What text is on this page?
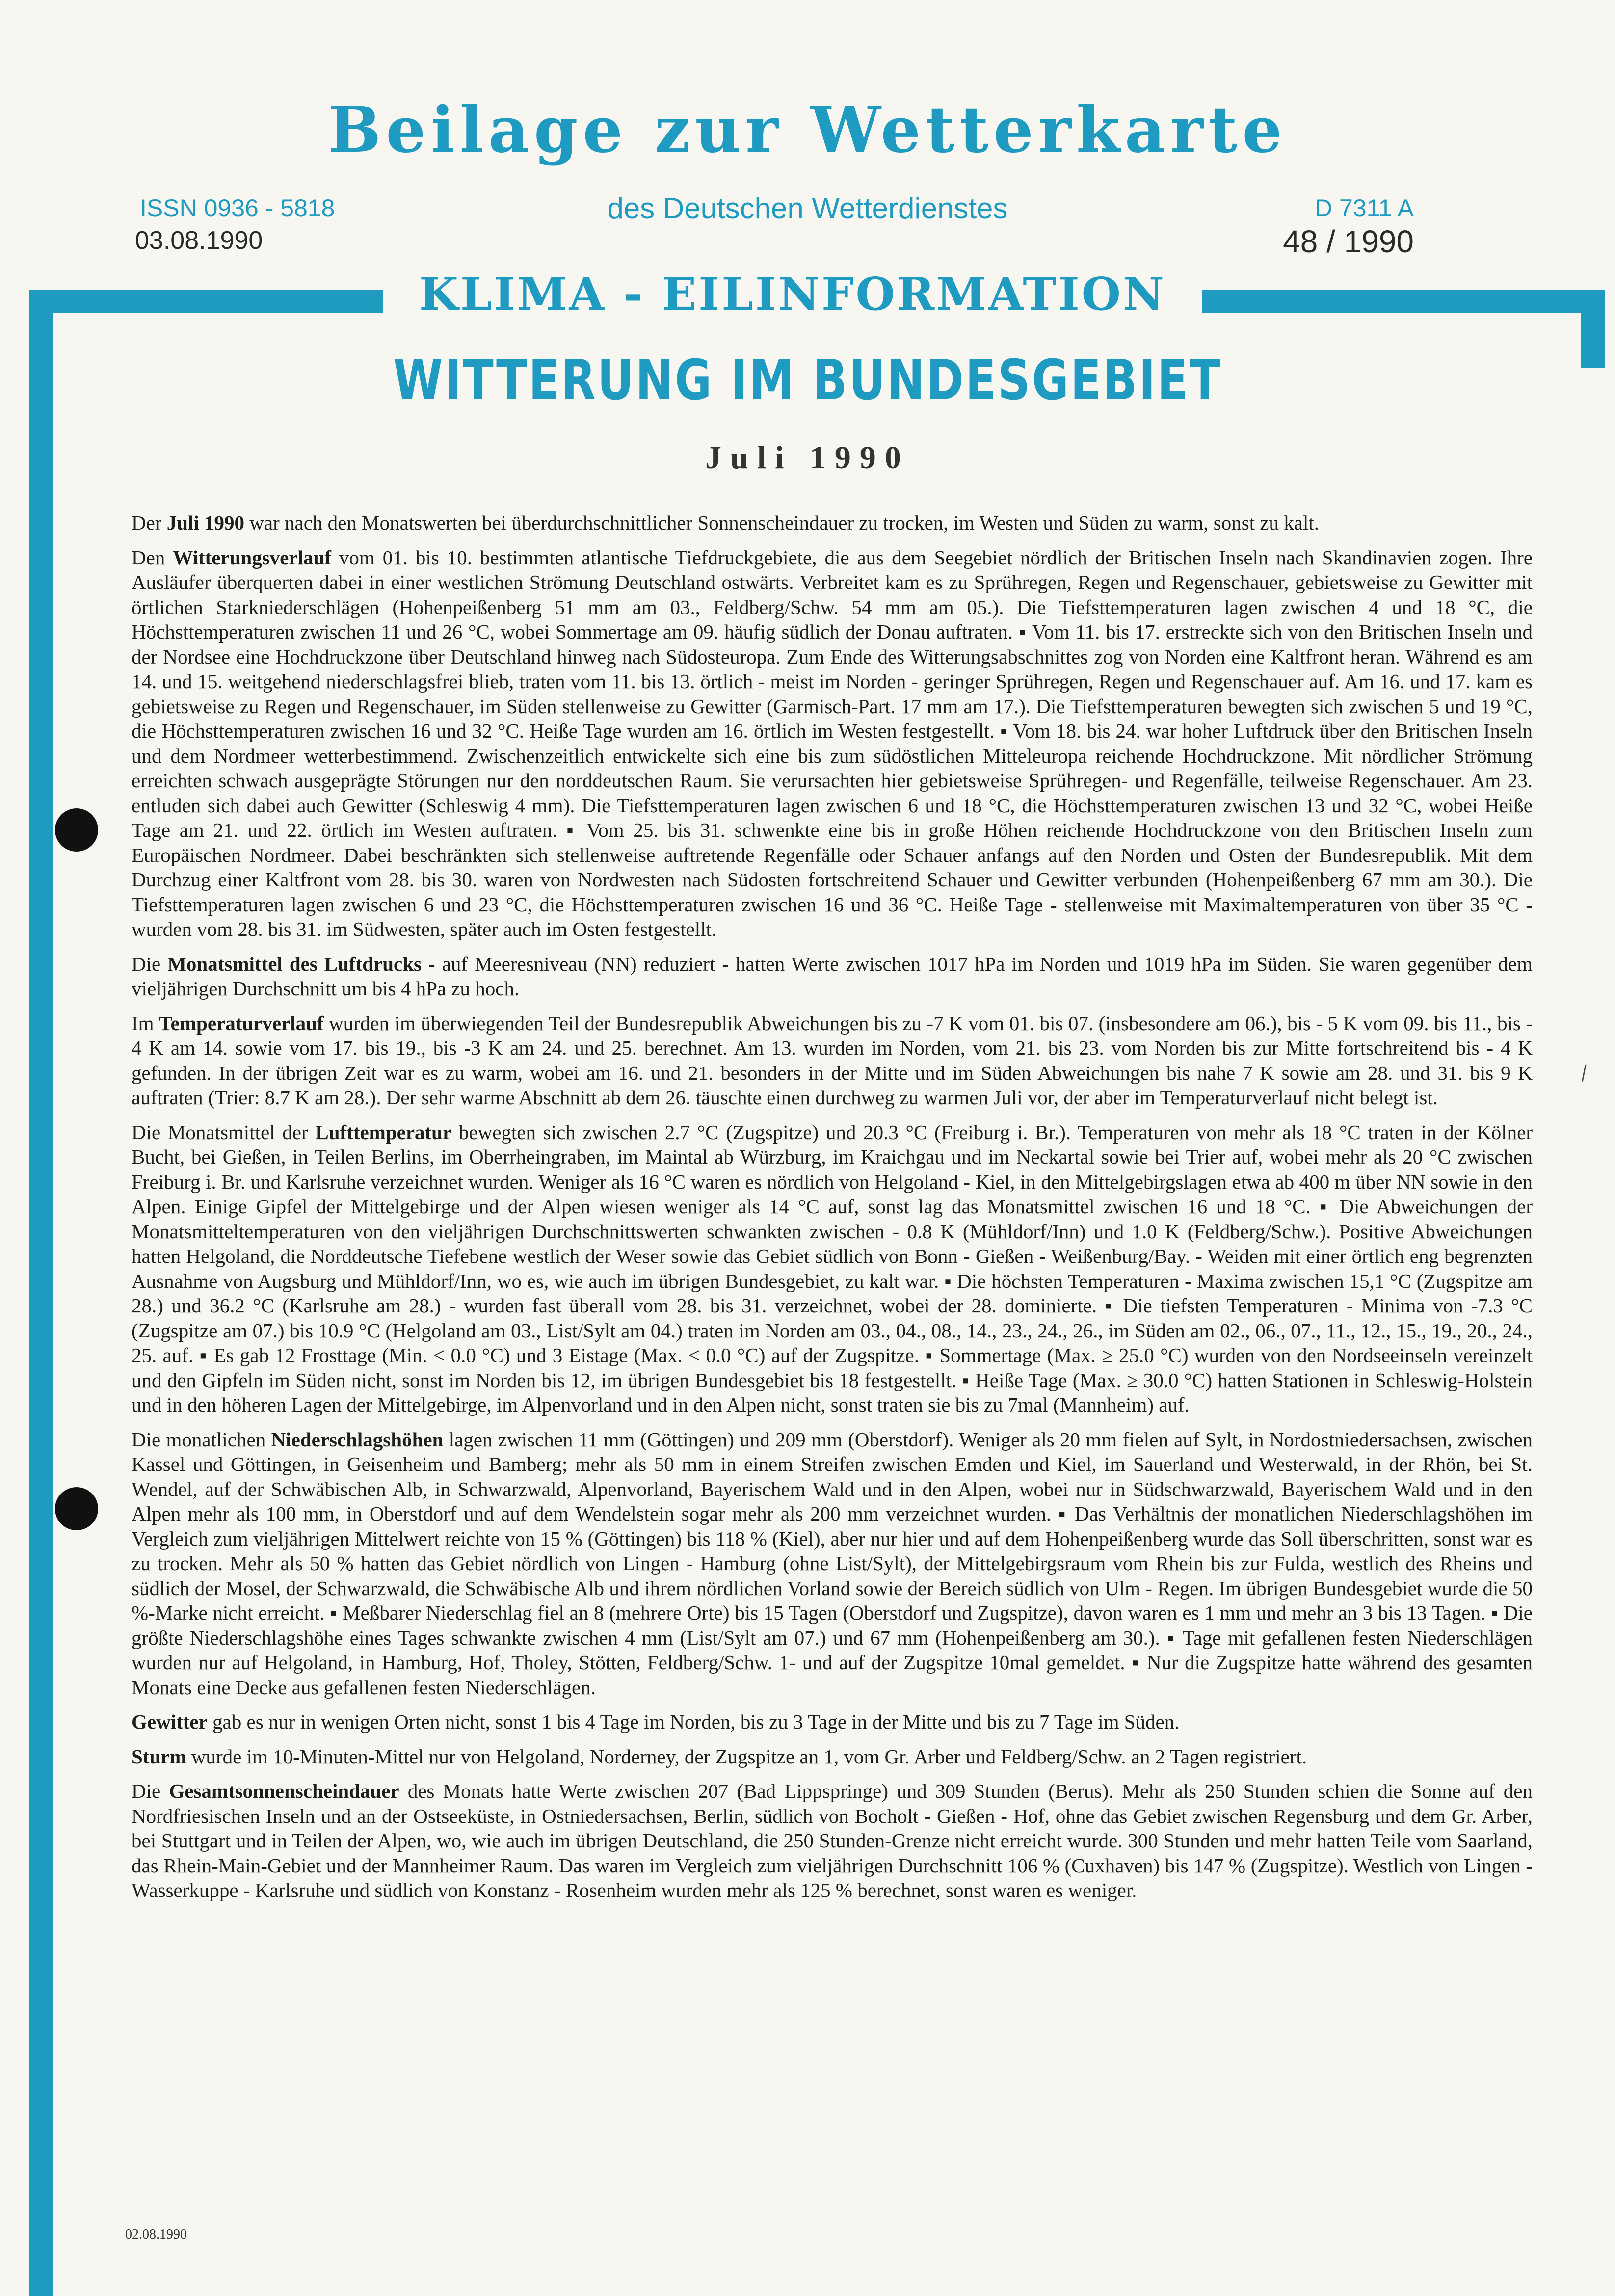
Beilage zur Wetterkarte
ISSN 0936 - 5818
03.08.1990
des Deutschen Wetterdienstes	D 7311 A
48 / 1990
KLIMA - EILINFORMATION
WITTERUNG IM BUNDESGEBIET
Juli 1990

Der Juli 1990 war nach den Monatswerten bei überdurchschnittlicher Sonnenscheindauer zu trocken, im Westen und Süden zu warm, sonst zu kalt.

Den Witterungsverlauf vom 01. bis 10. bestimmten atlantische Tiefdruckgebiete, die aus dem Seegebiet nördlich der Britischen Inseln nach Skandinavien zogen. Ihre Ausläufer überquerten dabei in einer westlichen Strömung Deutschland ostwärts. Verbreitet kam es zu Sprühregen, Regen und Regenschauer, gebietsweise zu Gewitter mit örtlichen Starkniederschlägen (Hohenpeißenberg 51 mm am 03., Feldberg/Schw. 54 mm am 05.). Die Tiefsttemperaturen lagen zwischen 4 und 18 °C, die Höchsttemperaturen zwischen 11 und 26 °C, wobei Sommertage am 09. häufig südlich der Donau auftraten. ▪ Vom 11. bis 17. erstreckte sich von den Britischen Inseln und der Nordsee eine Hochdruckzone über Deutschland hinweg nach Südosteuropa. Zum Ende des Witterungsabschnittes zog von Norden eine Kaltfront heran. Während es am 14. und 15. weitgehend niederschlagsfrei blieb, traten vom 11. bis 13. örtlich - meist im Norden - geringer Sprühregen, Regen und Regenschauer auf. Am 16. und 17. kam es gebietsweise zu Regen und Regenschauer, im Süden stellenweise zu Gewitter (Garmisch-Part. 17 mm am 17.). Die Tiefsttemperaturen bewegten sich zwischen 5 und 19 °C, die Höchsttemperaturen zwischen 16 und 32 °C. Heiße Tage wurden am 16. örtlich im Westen festgestellt. ▪ Vom 18. bis 24. war hoher Luftdruck über den Britischen Inseln und dem Nordmeer wetterbestimmend. Zwischenzeitlich entwickelte sich eine bis zum südöstlichen Mitteleuropa reichende Hochdruckzone. Mit nördlicher Strömung erreichten schwach ausgeprägte Störungen nur den norddeutschen Raum. Sie verursachten hier gebietsweise Sprühregen- und Regenfälle, teilweise Regenschauer. Am 23. entluden sich dabei auch Gewitter (Schleswig 4 mm). Die Tiefsttemperaturen lagen zwischen 6 und 18 °C, die Höchsttemperaturen zwischen 13 und 32 °C, wobei Heiße Tage am 21. und 22. örtlich im Westen auftraten. ▪ Vom 25. bis 31. schwenkte eine bis in große Höhen reichende Hochdruckzone von den Britischen Inseln zum Europäischen Nordmeer. Dabei beschränkten sich stellenweise auftretende Regenfälle oder Schauer anfangs auf den Norden und Osten der Bundesrepublik. Mit dem Durchzug einer Kaltfront vom 28. bis 30. waren von Nordwesten nach Südosten fortschreitend Schauer und Gewitter verbunden (Hohenpeißenberg 67 mm am 30.). Die Tiefsttemperaturen lagen zwischen 6 und 23 °C, die Höchsttemperaturen zwischen 16 und 36 °C. Heiße Tage - stellenweise mit Maximaltemperaturen von über 35 °C - wurden vom 28. bis 31. im Südwesten, später auch im Osten festgestellt.

Die Monatsmittel des Luftdrucks - auf Meeresniveau (NN) reduziert - hatten Werte zwischen 1017 hPa im Norden und 1019 hPa im Süden. Sie waren gegenüber dem vieljährigen Durchschnitt um bis 4 hPa zu hoch.

Im Temperaturverlauf wurden im überwiegenden Teil der Bundesrepublik Abweichungen bis zu -7 K vom 01. bis 07. (insbesondere am 06.), bis - 5 K vom 09. bis 11., bis - 4 K am 14. sowie vom 17. bis 19., bis -3 K am 24. und 25. berechnet. Am 13. wurden im Norden, vom 21. bis 23. vom Norden bis zur Mitte fortschreitend bis - 4 K gefunden. In der übrigen Zeit war es zu warm, wobei am 16. und 21. besonders in der Mitte und im Süden Abweichungen bis nahe 7 K sowie am 28. und 31. bis 9 K auftraten (Trier: 8.7 K am 28.). Der sehr warme Abschnitt ab dem 26. täuschte einen durchweg zu warmen Juli vor, der aber im Temperaturverlauf nicht belegt ist.

Die Monatsmittel der Lufttemperatur bewegten sich zwischen 2.7 °C (Zugspitze) und 20.3 °C (Freiburg i. Br.). Temperaturen von mehr als 18 °C traten in der Kölner Bucht, bei Gießen, in Teilen Berlins, im Oberrheingraben, im Maintal ab Würzburg, im Kraichgau und im Neckartal sowie bei Trier auf, wobei mehr als 20 °C zwischen Freiburg i. Br. und Karlsruhe verzeichnet wurden. Weniger als 16 °C waren es nördlich von Helgoland - Kiel, in den Mittelgebirgslagen etwa ab 400 m über NN sowie in den Alpen. Einige Gipfel der Mittelgebirge und der Alpen wiesen weniger als 14 °C auf, sonst lag das Monatsmittel zwischen 16 und 18 °C. ▪ Die Abweichungen der Monatsmitteltemperaturen von den vieljährigen Durchschnittswerten schwankten zwischen - 0.8 K (Mühldorf/Inn) und 1.0 K (Feldberg/Schw.). Positive Abweichungen hatten Helgoland, die Norddeutsche Tiefebene westlich der Weser sowie das Gebiet südlich von Bonn - Gießen - Weißenburg/Bay. - Weiden mit einer örtlich eng begrenzten Ausnahme von Augsburg und Mühldorf/Inn, wo es, wie auch im übrigen Bundesgebiet, zu kalt war. ▪ Die höchsten Temperaturen - Maxima zwischen 15,1 °C (Zugspitze am 28.) und 36.2 °C (Karlsruhe am 28.) - wurden fast überall vom 28. bis 31. verzeichnet, wobei der 28. dominierte. ▪ Die tiefsten Temperaturen - Minima von -7.3 °C (Zugspitze am 07.) bis 10.9 °C (Helgoland am 03., List/Sylt am 04.) traten im Norden am 03., 04., 08., 14., 23., 24., 26., im Süden am 02., 06., 07., 11., 12., 15., 19., 20., 24., 25. auf. ▪ Es gab 12 Frosttage (Min. < 0.0 °C) und 3 Eistage (Max. < 0.0 °C) auf der Zugspitze. ▪ Sommertage (Max. ≥ 25.0 °C) wurden von den Nordseeinseln vereinzelt und den Gipfeln im Süden nicht, sonst im Norden bis 12, im übrigen Bundesgebiet bis 18 festgestellt. ▪ Heiße Tage (Max. ≥ 30.0 °C) hatten Stationen in Schleswig-Holstein und in den höheren Lagen der Mittelgebirge, im Alpenvorland und in den Alpen nicht, sonst traten sie bis zu 7mal (Mannheim) auf.

Die monatlichen Niederschlagshöhen lagen zwischen 11 mm (Göttingen) und 209 mm (Oberstdorf). Weniger als 20 mm fielen auf Sylt, in Nordostniedersachsen, zwischen Kassel und Göttingen, in Geisenheim und Bamberg; mehr als 50 mm in einem Streifen zwischen Emden und Kiel, im Sauerland und Westerwald, in der Rhön, bei St. Wendel, auf der Schwäbischen Alb, in Schwarzwald, Alpenvorland, Bayerischem Wald und in den Alpen, wobei nur in Südschwarzwald, Bayerischem Wald und in den Alpen mehr als 100 mm, in Oberstdorf und auf dem Wendelstein sogar mehr als 200 mm verzeichnet wurden. ▪ Das Verhältnis der monatlichen Niederschlagshöhen im Vergleich zum vieljährigen Mittelwert reichte von 15 % (Göttingen) bis 118 % (Kiel), aber nur hier und auf dem Hohenpeißenberg wurde das Soll überschritten, sonst war es zu trocken. Mehr als 50 % hatten das Gebiet nördlich von Lingen - Hamburg (ohne List/Sylt), der Mittelgebirgsraum vom Rhein bis zur Fulda, westlich des Rheins und südlich der Mosel, der Schwarzwald, die Schwäbische Alb und ihrem nördlichen Vorland sowie der Bereich südlich von Ulm - Regen. Im übrigen Bundesgebiet wurde die 50 %-Marke nicht erreicht. ▪ Meßbarer Niederschlag fiel an 8 (mehrere Orte) bis 15 Tagen (Oberstdorf und Zugspitze), davon waren es 1 mm und mehr an 3 bis 13 Tagen. ▪ Die größte Niederschlagshöhe eines Tages schwankte zwischen 4 mm (List/Sylt am 07.) und 67 mm (Hohenpeißenberg am 30.). ▪ Tage mit gefallenen festen Niederschlägen wurden nur auf Helgoland, in Hamburg, Hof, Tholey, Stötten, Feldberg/Schw. 1- und auf der Zugspitze 10mal gemeldet. ▪ Nur die Zugspitze hatte während des gesamten Monats eine Decke aus gefallenen festen Niederschlägen.

Gewitter gab es nur in wenigen Orten nicht, sonst 1 bis 4 Tage im Norden, bis zu 3 Tage in der Mitte und bis zu 7 Tage im Süden.

Sturm wurde im 10-Minuten-Mittel nur von Helgoland, Norderney, der Zugspitze an 1, vom Gr. Arber und Feldberg/Schw. an 2 Tagen registriert.

Die Gesamtsonnenscheindauer des Monats hatte Werte zwischen 207 (Bad Lippspringe) und 309 Stunden (Berus). Mehr als 250 Stunden schien die Sonne auf den Nordfriesischen Inseln und an der Ostseeküste, in Ostniedersachsen, Berlin, südlich von Bocholt - Gießen - Hof, ohne das Gebiet zwischen Regensburg und dem Gr. Arber, bei Stuttgart und in Teilen der Alpen, wo, wie auch im übrigen Deutschland, die 250 Stunden-Grenze nicht erreicht wurde. 300 Stunden und mehr hatten Teile vom Saarland, das Rhein-Main-Gebiet und der Mannheimer Raum. Das waren im Vergleich zum vieljährigen Durchschnitt 106 % (Cuxhaven) bis 147 % (Zugspitze). Westlich von Lingen - Wasserkuppe - Karlsruhe und südlich von Konstanz - Rosenheim wurden mehr als 125 % berechnet, sonst waren es weniger.

02.08.1990
⁄
